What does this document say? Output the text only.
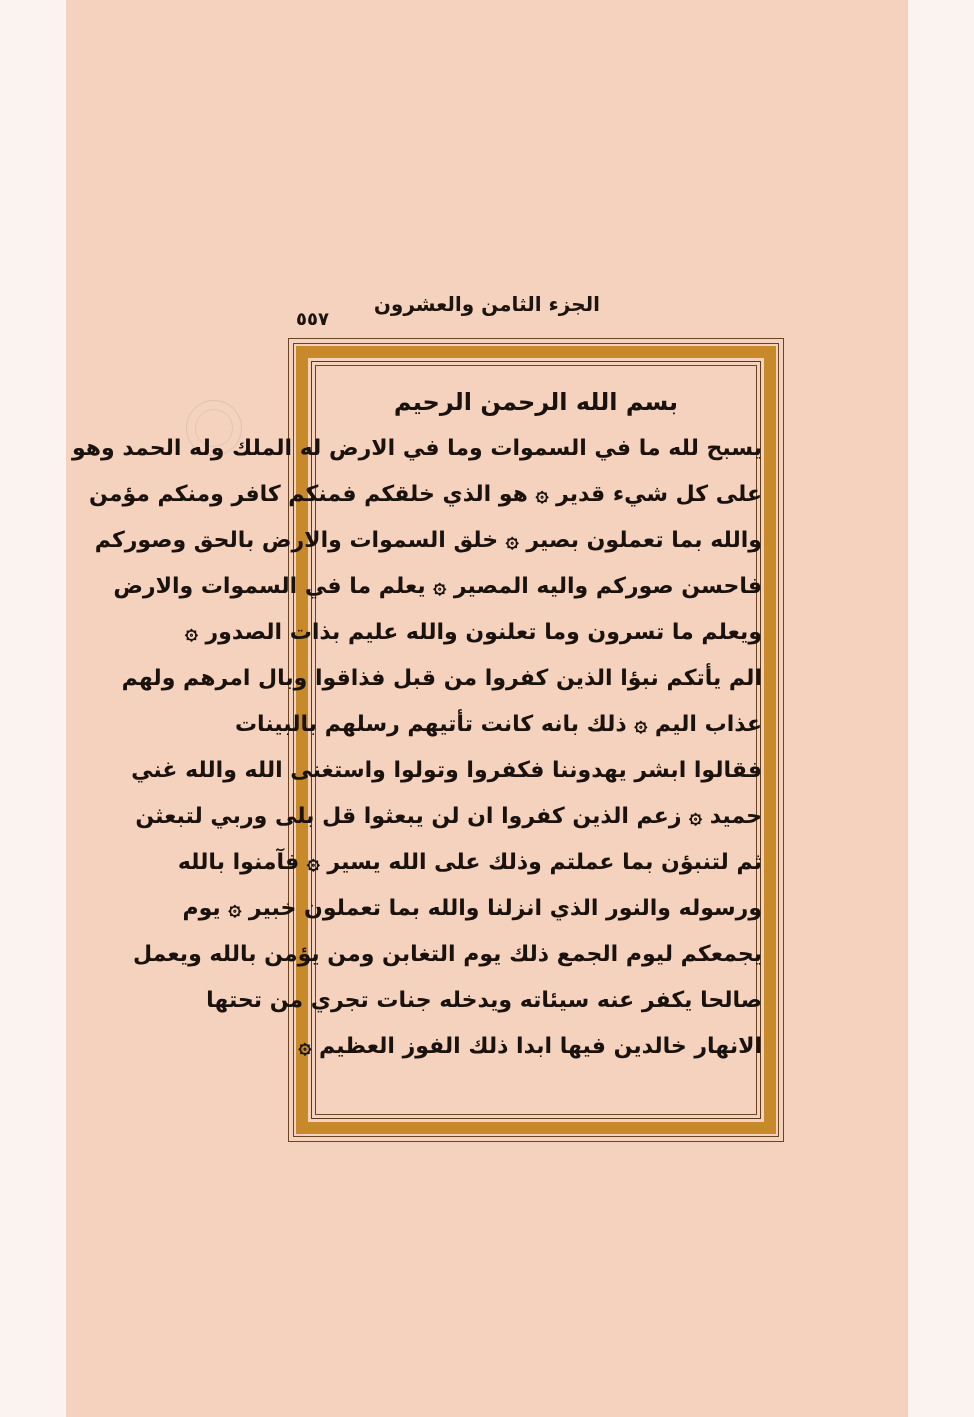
الجزء الثامن والعشرون
٥٥٧
بسم الله الرحمن الرحيم
يسبح لله ما في السموات وما في الارض له الملك وله الحمد وهو
على كل شيء قدير ۞ هو الذي خلقكم فمنكم كافر ومنكم مؤمن
والله بما تعملون بصير ۞ خلق السموات والارض بالحق وصوركم
فاحسن صوركم واليه المصير ۞ يعلم ما في السموات والارض
ويعلم ما تسرون وما تعلنون والله عليم بذات الصدور ۞
الم يأتكم نبؤا الذين كفروا من قبل فذاقوا وبال امرهم ولهم
عذاب اليم ۞ ذلك بانه كانت تأتيهم رسلهم بالبينات
فقالوا ابشر يهدوننا فكفروا وتولوا واستغنى الله والله غني
حميد ۞ زعم الذين كفروا ان لن يبعثوا قل بلى وربي لتبعثن
ثم لتنبؤن بما عملتم وذلك على الله يسير ۞ فآمنوا بالله
ورسوله والنور الذي انزلنا والله بما تعملون خبير ۞ يوم
يجمعكم ليوم الجمع ذلك يوم التغابن ومن يؤمن بالله ويعمل
صالحا يكفر عنه سيئاته ويدخله جنات تجري من تحتها
الانهار خالدين فيها ابدا ذلك الفوز العظيم ۞
